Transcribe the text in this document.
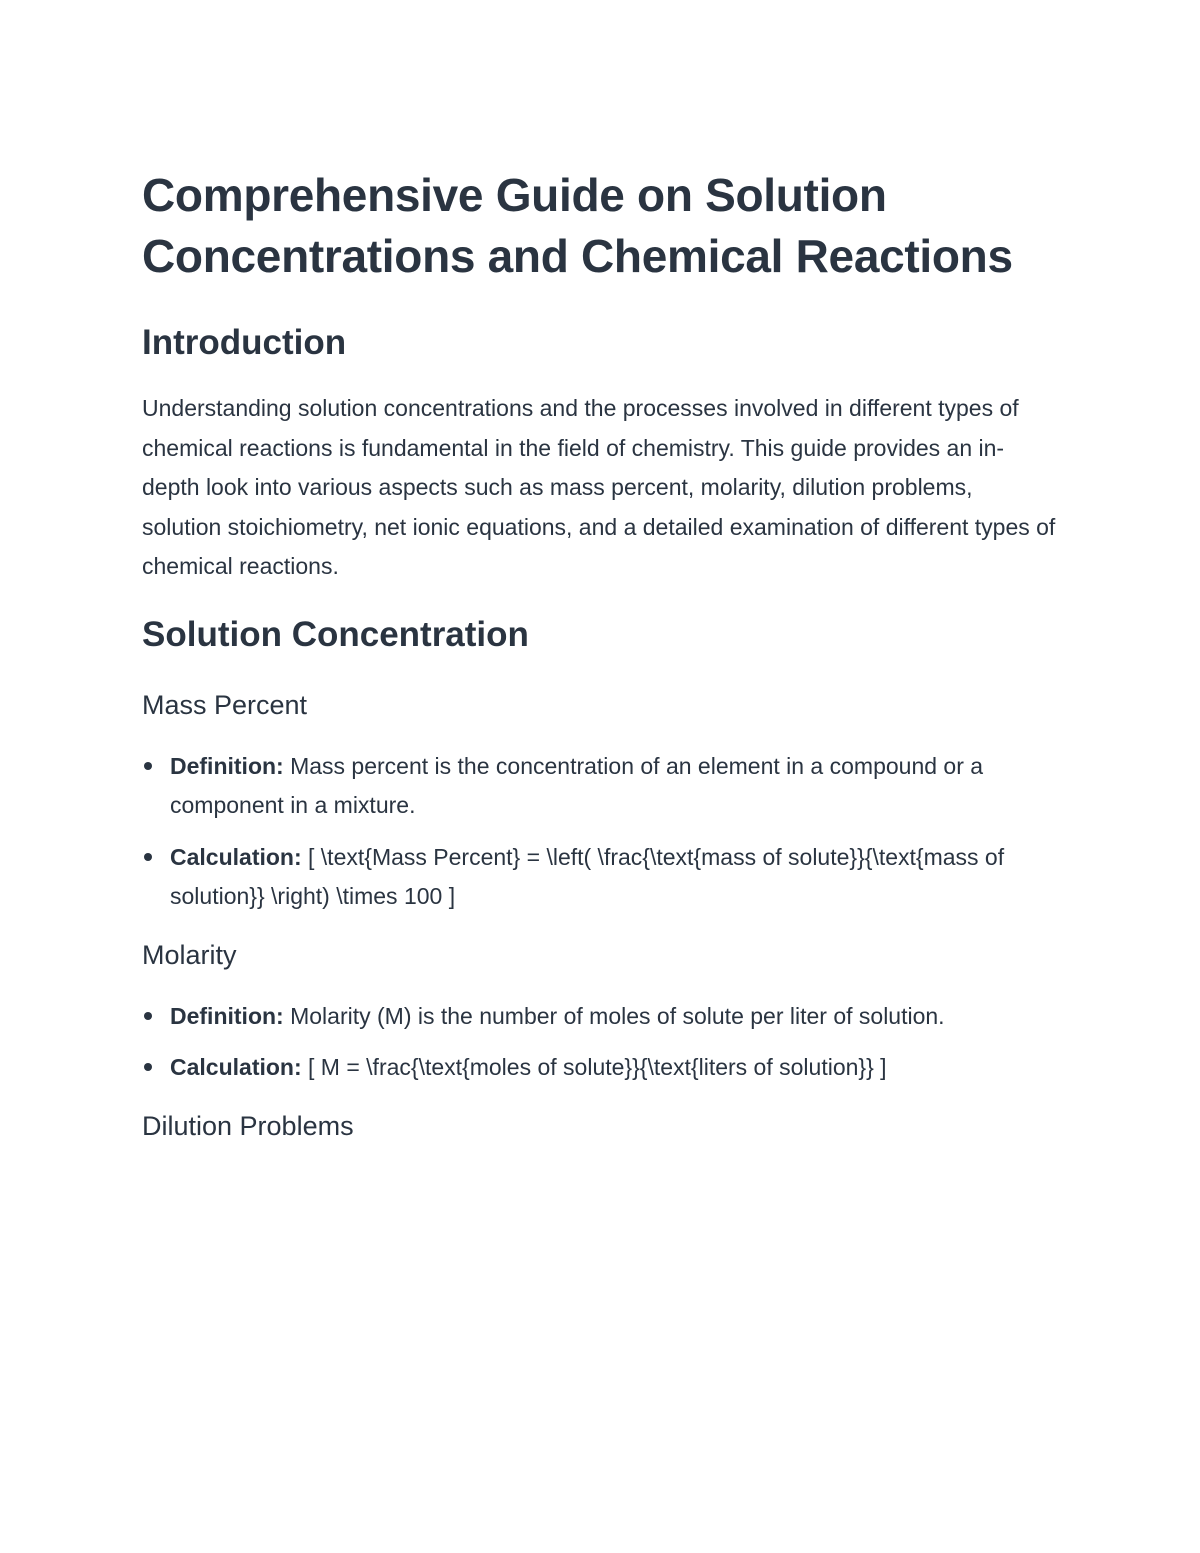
Comprehensive Guide on Solution Concentrations and Chemical Reactions
Introduction

Understanding solution concentrations and the processes involved in different types of chemical reactions is fundamental in the field of chemistry. This guide provides an in-depth look into various aspects such as mass percent, molarity, dilution problems, solution stoichiometry, net ionic equations, and a detailed examination of different types of chemical reactions.

Solution Concentration
Mass Percent
Definition: Mass percent is the concentration of an element in a compound or a component in a mixture.
Calculation: [ \text{Mass Percent} = \left( \frac{\text{mass of solute}}{\text{mass of solution}} \right) \times 100 ]
Molarity
Definition: Molarity (M) is the number of moles of solute per liter of solution.
Calculation: [ M = \frac{\text{moles of solute}}{\text{liters of solution}} ]
Dilution Problems
